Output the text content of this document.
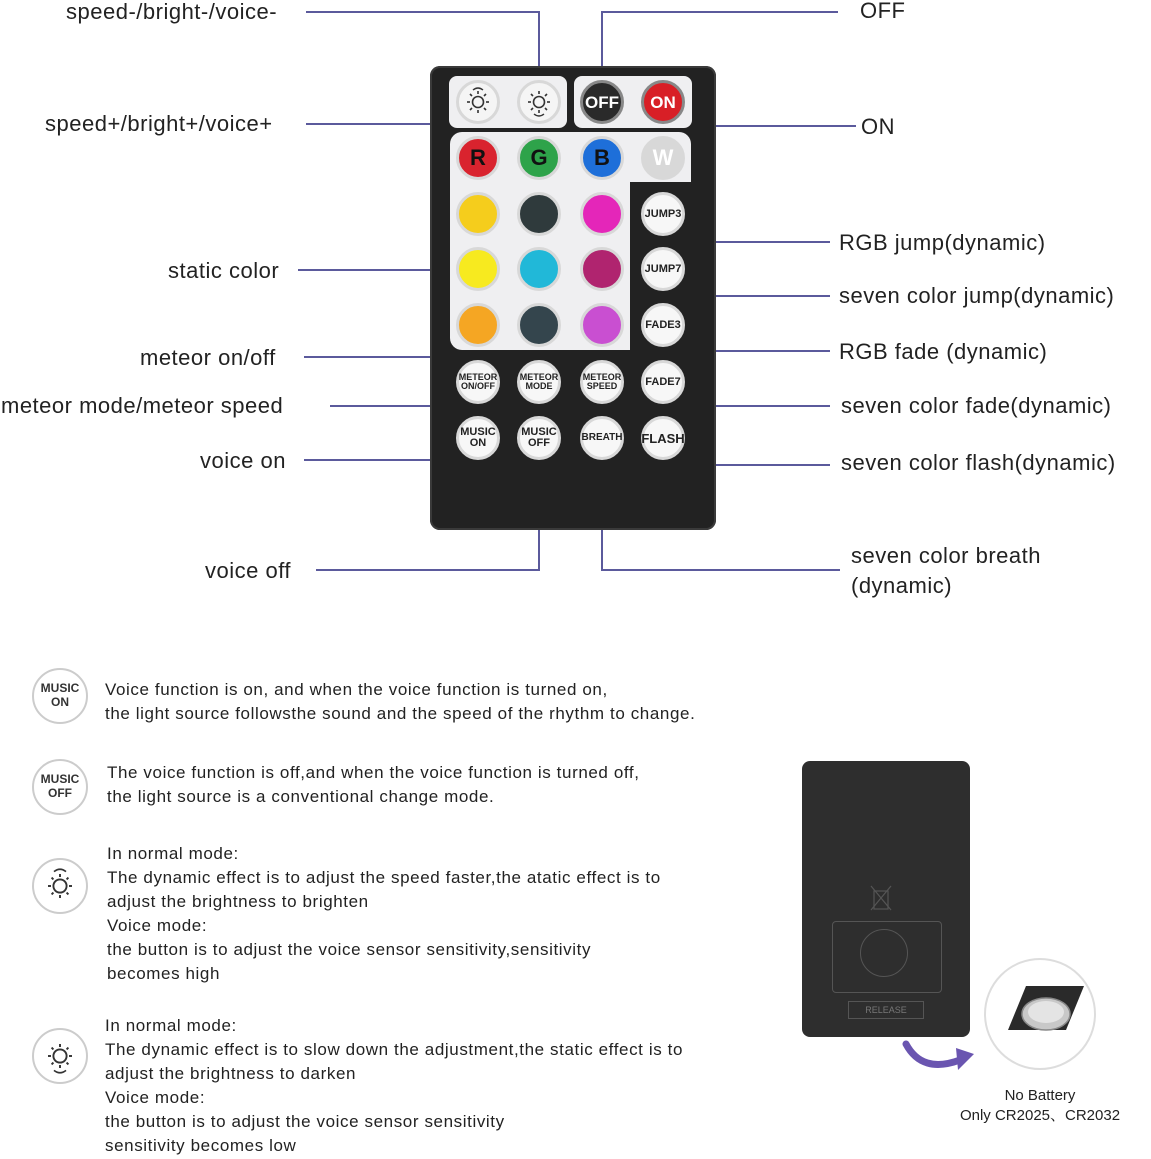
speed-/bright-/voice-	OFF
speed+/bright+/voice+	ON
RGB jump(dynamic)
static color
seven color jump(dynamic)
meteor on/off	RGB fade (dynamic)
meteor mode/meteor speed	seven color fade(dynamic)
voice on	seven color flash(dynamic)
voice off
seven color breath
(dynamic)
OFF	ON
R	G	B	W
JUMP3
JUMP7
FADE3
FADE7
FLASH
METEOR
ON/OFF
METEOR
MODE
METEOR
SPEED
MUSIC
ON
MUSIC
OFF	BREATH
MUSIC
ON
Voice function is on, and when the voice function is turned on,
the light source followsthe sound and the speed of the rhythm to change.
MUSIC
OFF
The voice function is off,and when the voice function is turned off,
the light source is a conventional change mode.
In normal mode:
The dynamic effect is to adjust the speed faster,the atatic effect is to
adjust the brightness to brighten
Voice mode:
the button is to adjust the voice sensor sensitivity,sensitivity
becomes high
In normal mode:
The dynamic effect is to slow down the adjustment,the static effect is to
adjust the brightness to darken
Voice mode:
the button is to adjust the voice sensor sensitivity
sensitivity becomes low
RELEASE
No Battery
Only CR2025、CR2032
